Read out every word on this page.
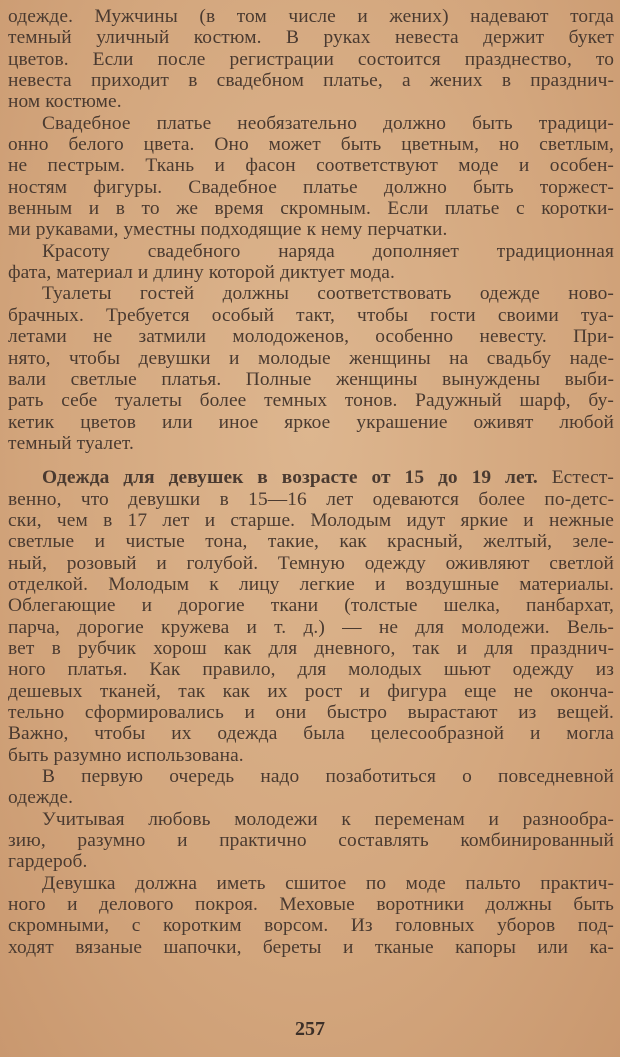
одежде. Мужчины (в том числе и жених) надевают тогда
темный уличный костюм. В руках невеста держит букет
цветов. Если после регистрации состоится празднество, то
невеста приходит в свадебном платье, а жених в празднич-
ном костюме.
Свадебное платье необязательно должно быть традици-
онно белого цвета. Оно может быть цветным, но светлым,
не пестрым. Ткань и фасон соответствуют моде и особен-
ностям фигуры. Свадебное платье должно быть торжест-
венным и в то же время скромным. Если платье с коротки-
ми рукавами, уместны подходящие к нему перчатки.
Красоту свадебного наряда дополняет традиционная
фата, материал и длину которой диктует мода.
Туалеты гостей должны соответствовать одежде ново-
брачных. Требуется особый такт, чтобы гости своими туа-
летами не затмили молодоженов, особенно невесту. При-
нято, чтобы девушки и молодые женщины на свадьбу наде-
вали светлые платья. Полные женщины вынуждены выби-
рать себе туалеты более темных тонов. Радужный шарф, бу-
кетик цветов или иное яркое украшение оживят любой
темный туалет.
Одежда для девушек в возрасте от 15 до 19 лет. Естест-
венно, что девушки в 15—16 лет одеваются более по-детс-
ски, чем в 17 лет и старше. Молодым идут яркие и нежные
светлые и чистые тона, такие, как красный, желтый, зеле-
ный, розовый и голубой. Темную одежду оживляют светлой
отделкой. Молодым к лицу легкие и воздушные материалы.
Облегающие и дорогие ткани (толстые шелка, панбархат,
парча, дорогие кружева и т. д.) — не для молодежи. Вель-
вет в рубчик хорош как для дневного, так и для празднич-
ного платья. Как правило, для молодых шьют одежду из
дешевых тканей, так как их рост и фигура еще не оконча-
тельно сформировались и они быстро вырастают из вещей.
Важно, чтобы их одежда была целесообразной и могла
быть разумно использована.
В первую очередь надо позаботиться о повседневной
одежде.
Учитывая любовь молодежи к переменам и разнообра-
зию, разумно и практично составлять комбинированный
гардероб.
Девушка должна иметь сшитое по моде пальто практич-
ного и делового покроя. Меховые воротники должны быть
скромными, с коротким ворсом. Из головных уборов под-
ходят вязаные шапочки, береты и тканые капоры или ка-
257
